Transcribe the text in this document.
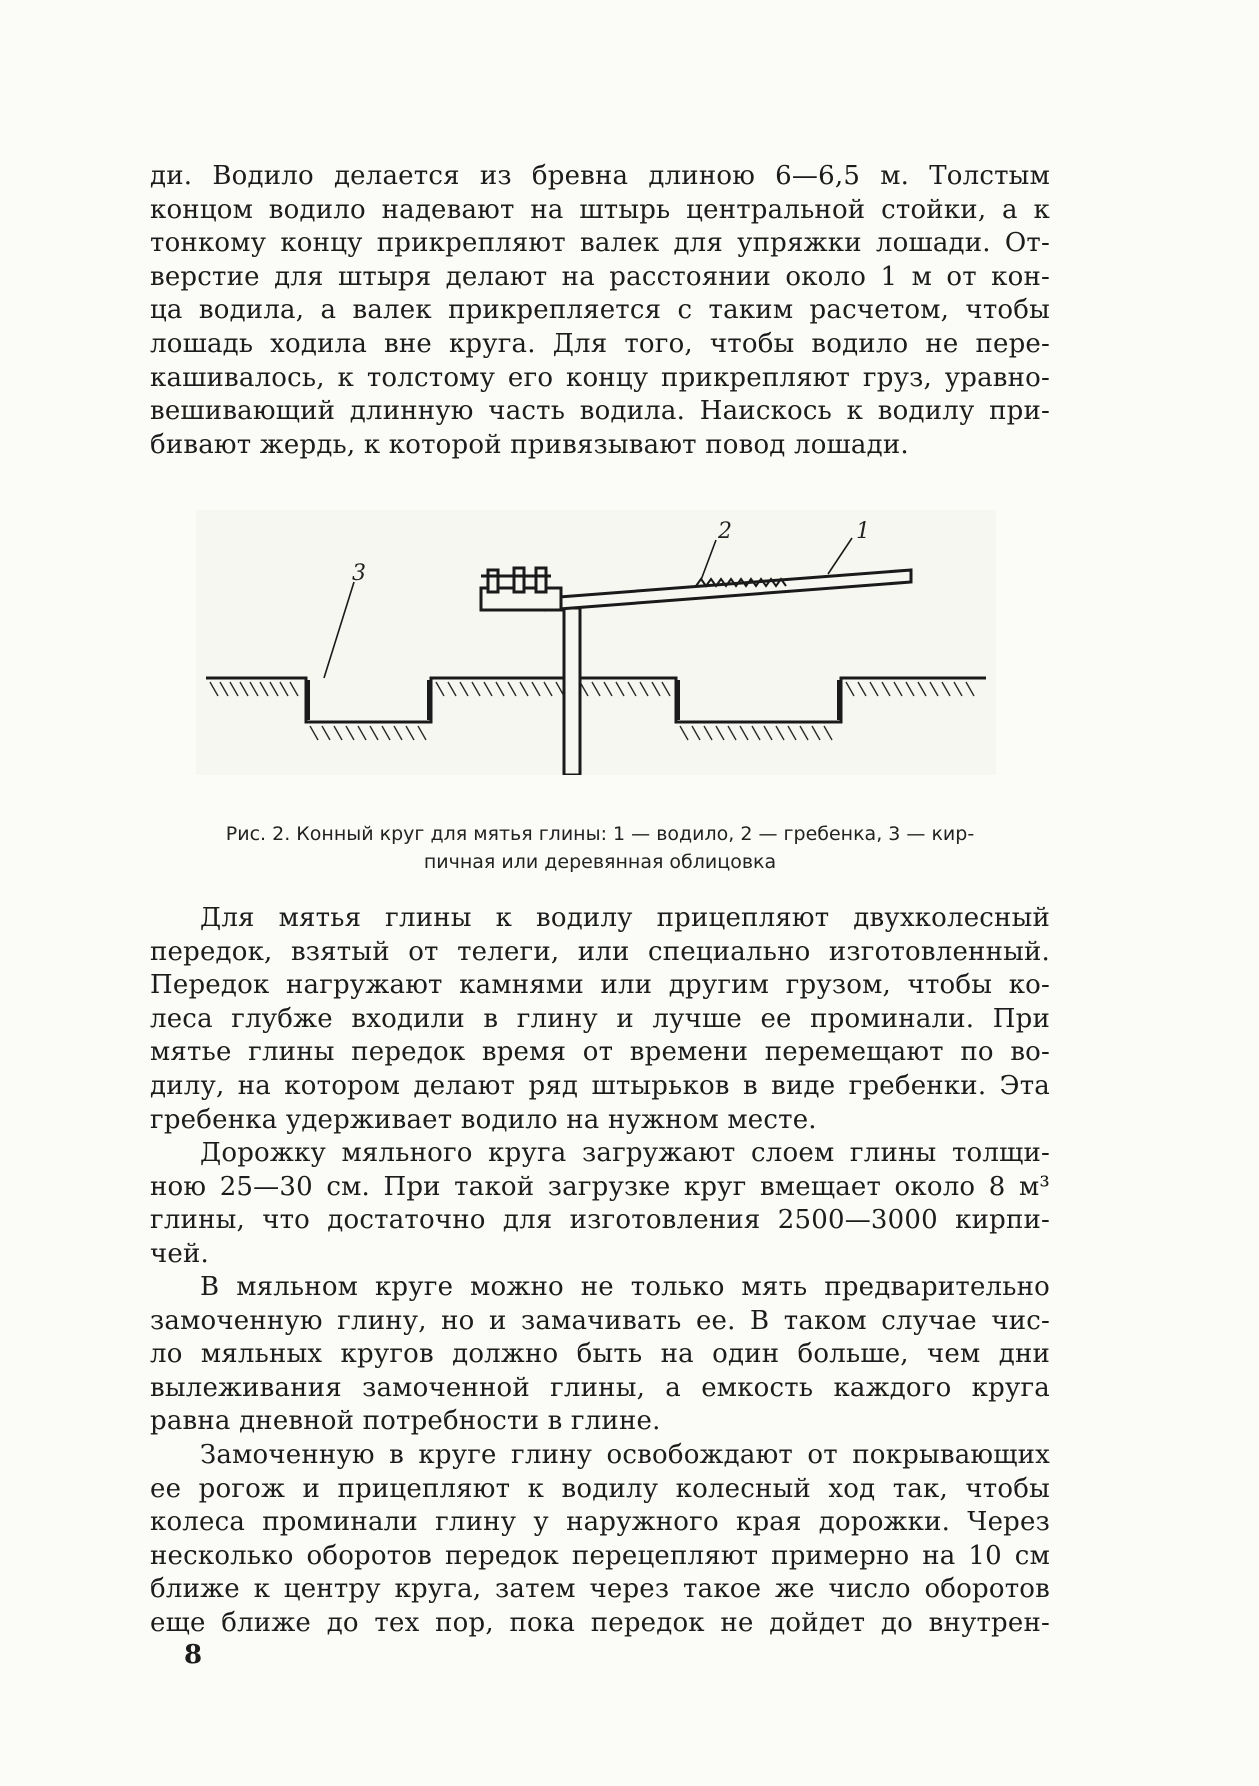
ди. Водило делается из бревна длиною 6—6,5 м. Толстым
концом водило надевают на штырь центральной стойки, а к
тонкому концу прикрепляют валек для упряжки лошади. От-
верстие для штыря делают на расстоянии около 1 м от кон-
ца водила, а валек прикрепляется с таким расчетом, чтобы
лошадь ходила вне круга. Для того, чтобы водило не пере-
кашивалось, к толстому его концу прикрепляют груз, уравно-
вешивающий длинную часть водила. Наискось к водилу при-
бивают жердь, к которой привязывают повод лошади.
1
2
3
Рис. 2. Конный круг для мятья глины: 1 — водило, 2 — гребенка, 3 — кир-
пичная или деревянная облицовка
Для мятья глины к водилу прицепляют двухколесный
передок, взятый от телеги, или специально изготовленный.
Передок нагружают камнями или другим грузом, чтобы ко-
леса глубже входили в глину и лучше ее проминали. При
мятье глины передок время от времени перемещают по во-
дилу, на котором делают ряд штырьков в виде гребенки. Эта
гребенка удерживает водило на нужном месте.
Дорожку мяльного круга загружают слоем глины толщи-
ною 25—30 см. При такой загрузке круг вмещает около 8 м³
глины, что достаточно для изготовления 2500—3000 кирпи-
чей.
В мяльном круге можно не только мять предварительно
замоченную глину, но и замачивать ее. В таком случае чис-
ло мяльных кругов должно быть на один больше, чем дни
вылеживания замоченной глины, а емкость каждого круга
равна дневной потребности в глине.
Замоченную в круге глину освобождают от покрывающих
ее рогож и прицепляют к водилу колесный ход так, чтобы
колеса проминали глину у наружного края дорожки. Через
несколько оборотов передок перецепляют примерно на 10 см
ближе к центру круга, затем через такое же число оборотов
еще ближе до тех пор, пока передок не дойдет до внутрен-
8
